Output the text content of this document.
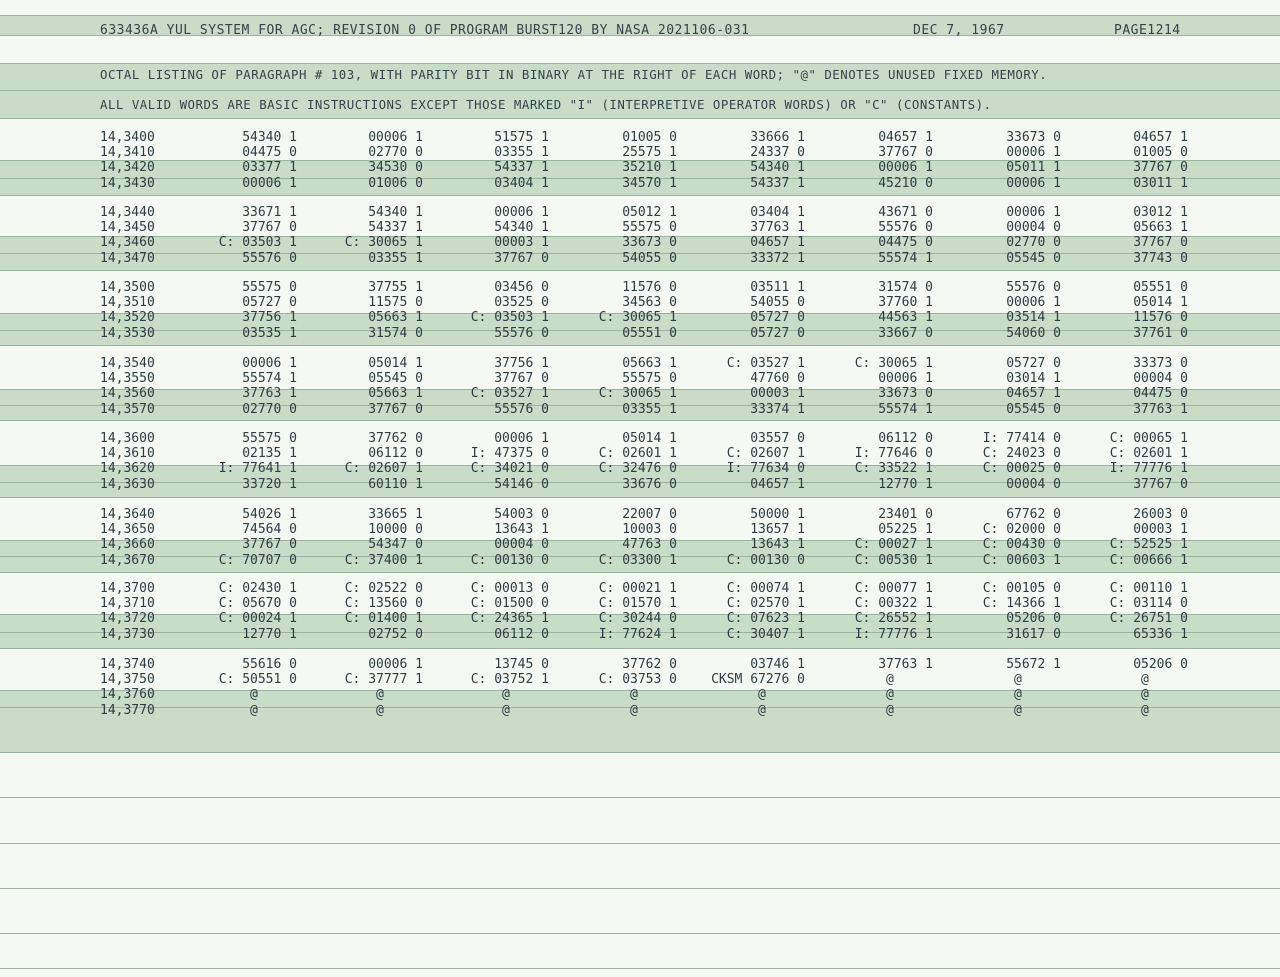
633436A YUL SYSTEM FOR AGC; REVISION 0 OF PROGRAM BURST120 BY NASA 2021106-031	DEC 7, 1967	PAGE1214
OCTAL LISTING OF PARAGRAPH # 103, WITH PARITY BIT IN BINARY AT THE RIGHT OF EACH WORD; "@" DENOTES UNUSED FIXED MEMORY.
ALL VALID WORDS ARE BASIC INSTRUCTIONS EXCEPT THOSE MARKED "I" (INTERPRETIVE OPERATOR WORDS) OR "C" (CONSTANTS).
14,3400	54340 1	00006 1	51575 1	01005 0	33666 1	04657 1	33673 0	04657 1
14,3410	04475 0	02770 0	03355 1	25575 1	24337 0	37767 0	00006 1	01005 0
14,3420	03377 1	34530 0	54337 1	35210 1	54340 1	00006 1	05011 1	37767 0
14,3430	00006 1	01006 0	03404 1	34570 1	54337 1	45210 0	00006 1	03011 1
14,3440	33671 1	54340 1	00006 1	05012 1	03404 1	43671 0	00006 1	03012 1
14,3450	37767 0	54337 1	54340 1	55575 0	37763 1	55576 0	00004 0	05663 1
14,3460	C: 03503 1	C: 30065 1	00003 1	33673 0	04657 1	04475 0	02770 0	37767 0
14,3470	55576 0	03355 1	37767 0	54055 0	33372 1	55574 1	05545 0	37743 0
14,3500	55575 0	37755 1	03456 0	11576 0	03511 1	31574 0	55576 0	05551 0
14,3510	05727 0	11575 0	03525 0	34563 0	54055 0	37760 1	00006 1	05014 1
14,3520	37756 1	05663 1	C: 03503 1	C: 30065 1	05727 0	44563 1	03514 1	11576 0
14,3530	03535 1	31574 0	55576 0	05551 0	05727 0	33667 0	54060 0	37761 0
14,3540	00006 1	05014 1	37756 1	05663 1	C: 03527 1	C: 30065 1	05727 0	33373 0
14,3550	55574 1	05545 0	37767 0	55575 0	47760 0	00006 1	03014 1	00004 0
14,3560	37763 1	05663 1	C: 03527 1	C: 30065 1	00003 1	33673 0	04657 1	04475 0
14,3570	02770 0	37767 0	55576 0	03355 1	33374 1	55574 1	05545 0	37763 1
14,3600	55575 0	37762 0	00006 1	05014 1	03557 0	06112 0	I: 77414 0	C: 00065 1
14,3610	02135 1	06112 0	I: 47375 0	C: 02601 1	C: 02607 1	I: 77646 0	C: 24023 0	C: 02601 1
14,3620	I: 77641 1	C: 02607 1	C: 34021 0	C: 32476 0	I: 77634 0	C: 33522 1	C: 00025 0	I: 77776 1
14,3630	33720 1	60110 1	54146 0	33676 0	04657 1	12770 1	00004 0	37767 0
14,3640	54026 1	33665 1	54003 0	22007 0	50000 1	23401 0	67762 0	26003 0
14,3650	74564 0	10000 0	13643 1	10003 0	13657 1	05225 1	C: 02000 0	00003 1
14,3660	37767 0	54347 0	00004 0	47763 0	13643 1	C: 00027 1	C: 00430 0	C: 52525 1
14,3670	C: 70707 0	C: 37400 1	C: 00130 0	C: 03300 1	C: 00130 0	C: 00530 1	C: 00603 1	C: 00666 1
14,3700	C: 02430 1	C: 02522 0	C: 00013 0	C: 00021 1	C: 00074 1	C: 00077 1	C: 00105 0	C: 00110 1
14,3710	C: 05670 0	C: 13560 0	C: 01500 0	C: 01570 1	C: 02570 1	C: 00322 1	C: 14366 1	C: 03114 0
14,3720	C: 00024 1	C: 01400 1	C: 24365 1	C: 30244 0	C: 07623 1	C: 26552 1	05206 0	C: 26751 0
14,3730	12770 1	02752 0	06112 0	I: 77624 1	C: 30407 1	I: 77776 1	31617 0	65336 1
14,3740	55616 0	00006 1	13745 0	37762 0	03746 1	37763 1	55672 1	05206 0
14,3750	C: 50551 0	C: 37777 1	C: 03752 1	C: 03753 0	CKSM 67276 0	@	@	@
14,3760	@	@	@	@	@	@	@	@
14,3770	@	@	@	@	@	@	@	@
